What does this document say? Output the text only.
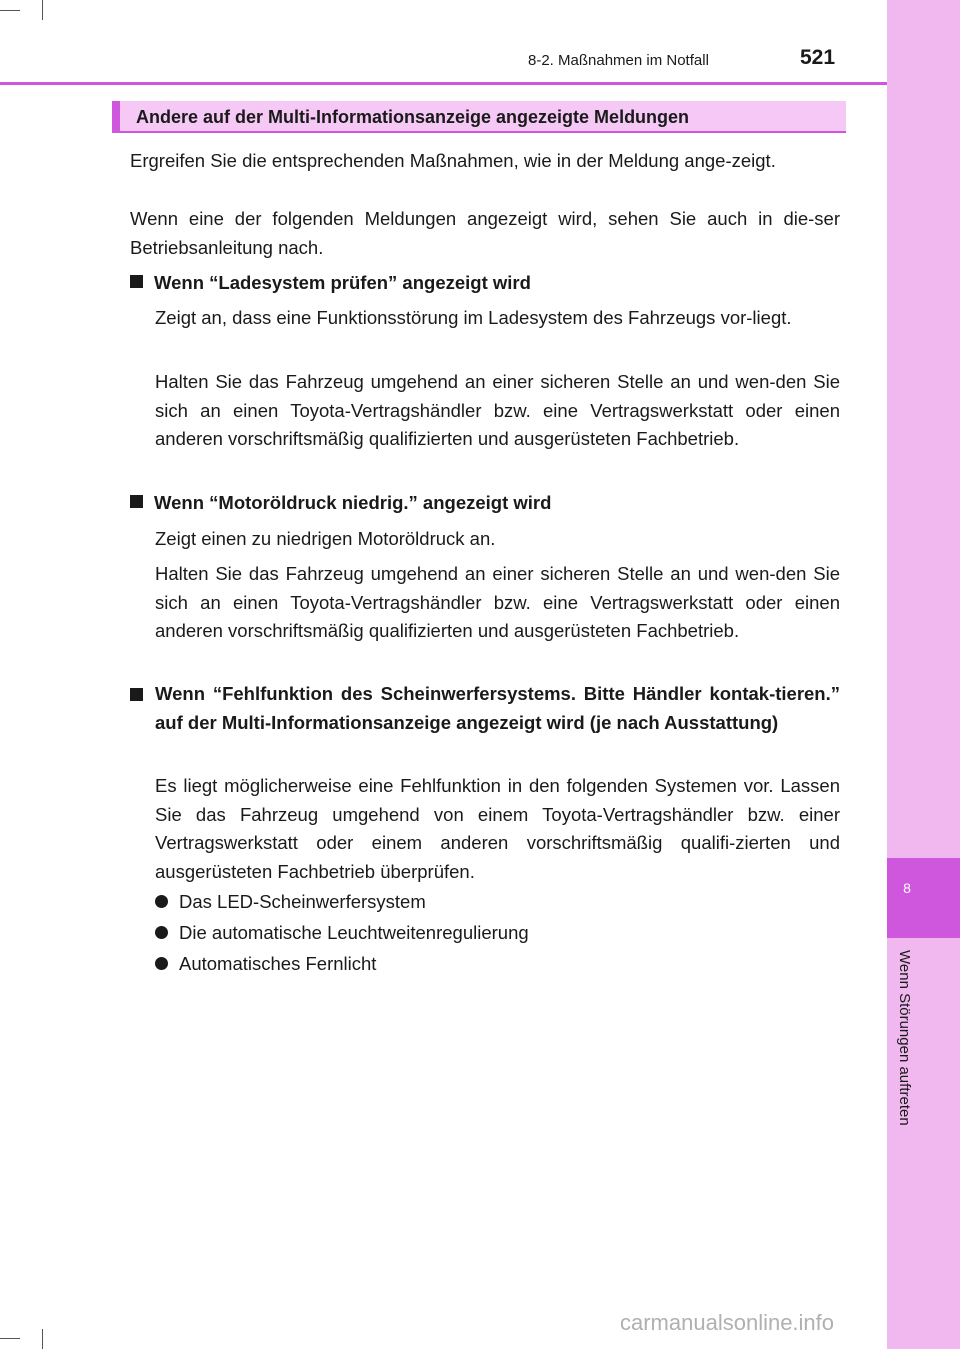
8
Wenn Störungen auftreten
8-2. Maßnahmen im Notfall	521
Andere auf der Multi-Informationsanzeige angezeigte Meldungen

Ergreifen Sie die entsprechenden Maßnahmen, wie in der Meldung ange-zeigt.

Wenn eine der folgenden Meldungen angezeigt wird, sehen Sie auch in die-ser Betriebsanleitung nach.

Wenn “Ladesystem prüfen” angezeigt wird

Zeigt an, dass eine Funktionsstörung im Ladesystem des Fahrzeugs vor-liegt.

Halten Sie das Fahrzeug umgehend an einer sicheren Stelle an und wen-den Sie sich an einen Toyota-Vertragshändler bzw. eine Vertragswerkstatt oder einen anderen vorschriftsmäßig qualifizierten und ausgerüsteten Fachbetrieb.

Wenn “Motoröldruck niedrig.” angezeigt wird

Zeigt einen zu niedrigen Motoröldruck an.

Halten Sie das Fahrzeug umgehend an einer sicheren Stelle an und wen-den Sie sich an einen Toyota-Vertragshändler bzw. eine Vertragswerkstatt oder einen anderen vorschriftsmäßig qualifizierten und ausgerüsteten Fachbetrieb.

Wenn “Fehlfunktion des Scheinwerfersystems. Bitte Händler kontak-tieren.” auf der Multi-Informationsanzeige angezeigt wird (je nach Ausstattung)

Es liegt möglicherweise eine Fehlfunktion in den folgenden Systemen vor. Lassen Sie das Fahrzeug umgehend von einem Toyota-Vertragshändler bzw. einer Vertragswerkstatt oder einem anderen vorschriftsmäßig qualifi-zierten und ausgerüsteten Fachbetrieb überprüfen.

Das LED-Scheinwerfersystem
Die automatische Leuchtweitenregulierung
Automatisches Fernlicht
carmanualsonline.info
